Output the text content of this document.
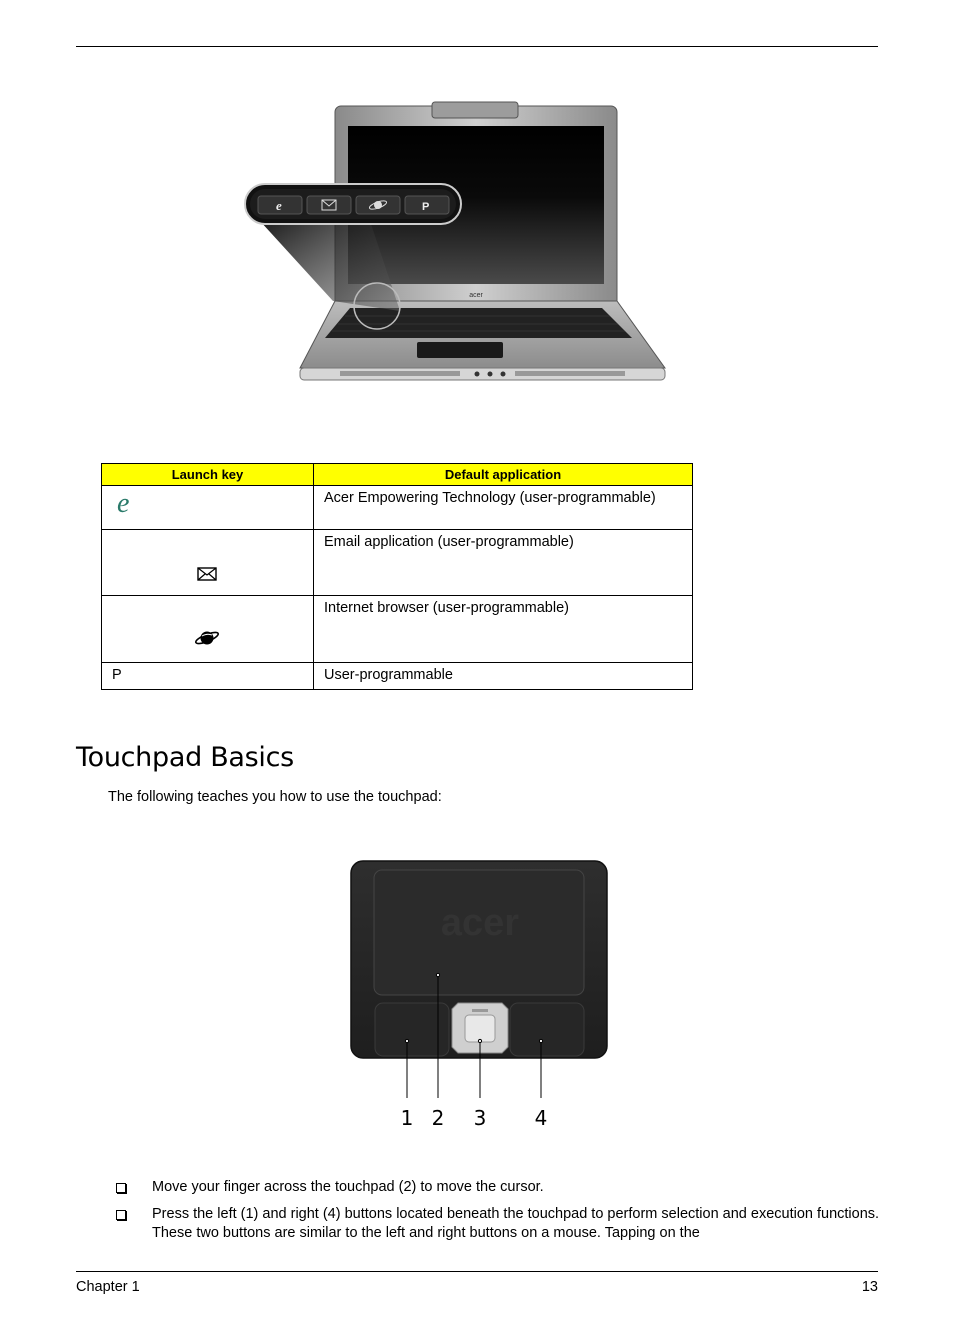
acer
e	P
Launch key	Default application

e	Acer Empowering Technology (user-programmable)

	Email application (user-programmable)

	Internet browser (user-programmable)
P	User-programmable
Touchpad Basics

The following teaches you how to use the touchpad:

acer
1 2 3 4
Move your finger across the touchpad (2) to move the cursor.
Press the left (1) and right (4) buttons located beneath the touchpad to perform selection and execution functions. These two buttons are similar to the left and right buttons on a mouse. Tapping on the
Chapter 1	13
